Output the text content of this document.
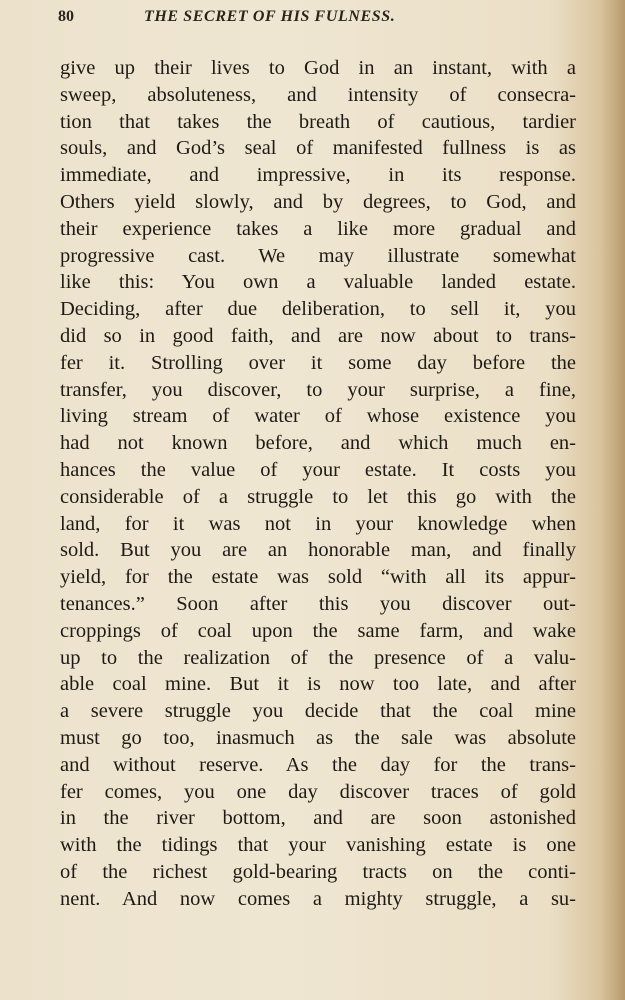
80	THE SECRET OF HIS FULNESS.
give up their lives to God in an instant, with a
sweep, absoluteness, and intensity of consecra-
tion that takes the breath of cautious, tardier
souls, and God’s seal of manifested fullness is as
immediate, and impressive, in its response.
Others yield slowly, and by degrees, to God, and
their experience takes a like more gradual and
progressive cast. We may illustrate somewhat
like this: You own a valuable landed estate.
Deciding, after due deliberation, to sell it, you
did so in good faith, and are now about to trans-
fer it. Strolling over it some day before the
transfer, you discover, to your surprise, a fine,
living stream of water of whose existence you
had not known before, and which much en-
hances the value of your estate. It costs you
considerable of a struggle to let this go with the
land, for it was not in your knowledge when
sold. But you are an honorable man, and finally
yield, for the estate was sold “with all its appur-
tenances.” Soon after this you discover out-
croppings of coal upon the same farm, and wake
up to the realization of the presence of a valu-
able coal mine. But it is now too late, and after
a severe struggle you decide that the coal mine
must go too, inasmuch as the sale was absolute
and without reserve. As the day for the trans-
fer comes, you one day discover traces of gold
in the river bottom, and are soon astonished
with the tidings that your vanishing estate is one
of the richest gold-bearing tracts on the conti-
nent. And now comes a mighty struggle, a su-
